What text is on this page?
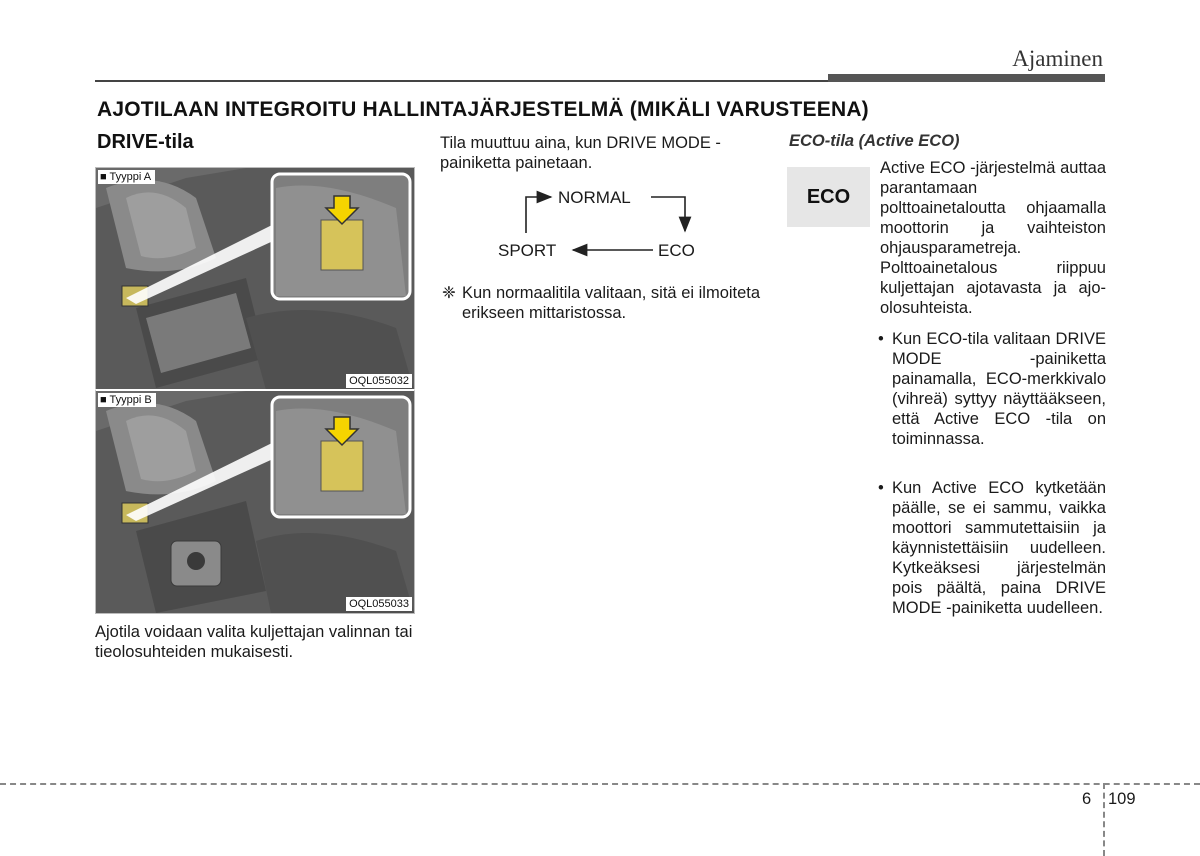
Ajaminen
AJOTILAAN INTEGROITU HALLINTAJÄRJESTELMÄ (MIKÄLI VARUSTEENA)
DRIVE-tila
■ Tyyppi A
OQL055032
■ Tyyppi B
OQL055033
Ajotila voidaan valita kuljettajan valinnan tai tieolosuhteiden mukaisesti.
Tila muuttuu aina, kun DRIVE MODE -painiketta painetaan.
NORMAL
SPORT	ECO
❈ Kun normaalitila valitaan, sitä ei ilmoiteta erikseen mittaristossa.
ECO-tila (Active ECO)
ECO
Active ECO -järjestelmä auttaa parantamaan polttoainetaloutta ohjaamalla moottorin ja vaihteiston ohjausparametreja. Polttoainetalous riippuu kuljettajan ajotavasta ja ajo-olosuhteista.
• Kun ECO-tila valitaan DRIVE MODE -painiketta painamalla, ECO-merkkivalo (vihreä) syttyy näyttääkseen, että Active ECO -tila on toiminnassa.
• Kun Active ECO kytketään päälle, se ei sammu, vaikka moottori sammutettaisiin ja käynnistettäisiin uudelleen. Kytkeäksesi järjestelmän pois päältä, paina DRIVE MODE -painiketta uudelleen.
6 109
